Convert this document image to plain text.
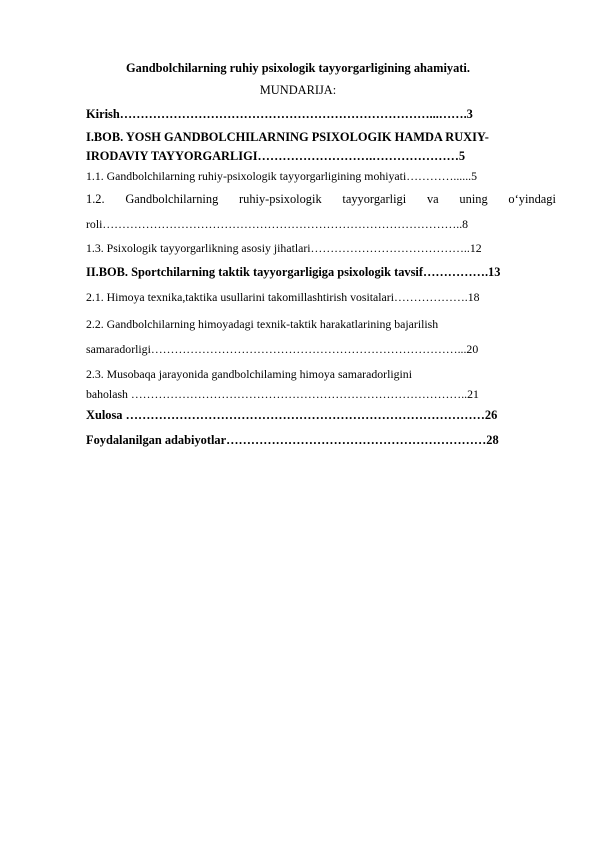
Gandbolchilarning ruhiy psixologik tayyorgarligining ahamiyati.
MUNDARIJA:
Kirish…………………………………………………………………...…….3
I.BOB. YOSH GANDBOLCHILARNING PSIXOLOGIK HAMDA RUXIY-
IRODAVIY TAYYORGARLIGI……………………….…………………5
1.1. Gandbolchilarning ruhiy-psixologik tayyorgarligining mohiyati…………......5
1.2. Gandbolchilarning ruhiy-psixologik tayyorgarligi va uning o‘yindagi
roli………………………………………………………………………………..8
1.3. Psixologik tayyorgarlikning asosiy jihatlari…………………………………..12
II.BOB. Sportchilarning taktik tayyorgarligiga psixologik tavsif…………….13
2.1. Himoya texnika,taktika usullarini takomillashtirish vositalari……………….18
2.2. Gandbolchilarning himoyadagi texnik-taktik harakatlarining bajarilish
samaradorligi……………………………………………………………………...20
2.3. Musobaqa jarayonida gandbolchilaming himoya samaradorligini
baholash …………………………………………………………………………..21
Xulosa ……………………………………………………………………………26
Foydalanilgan adabiyotlar………………………………………………………28
